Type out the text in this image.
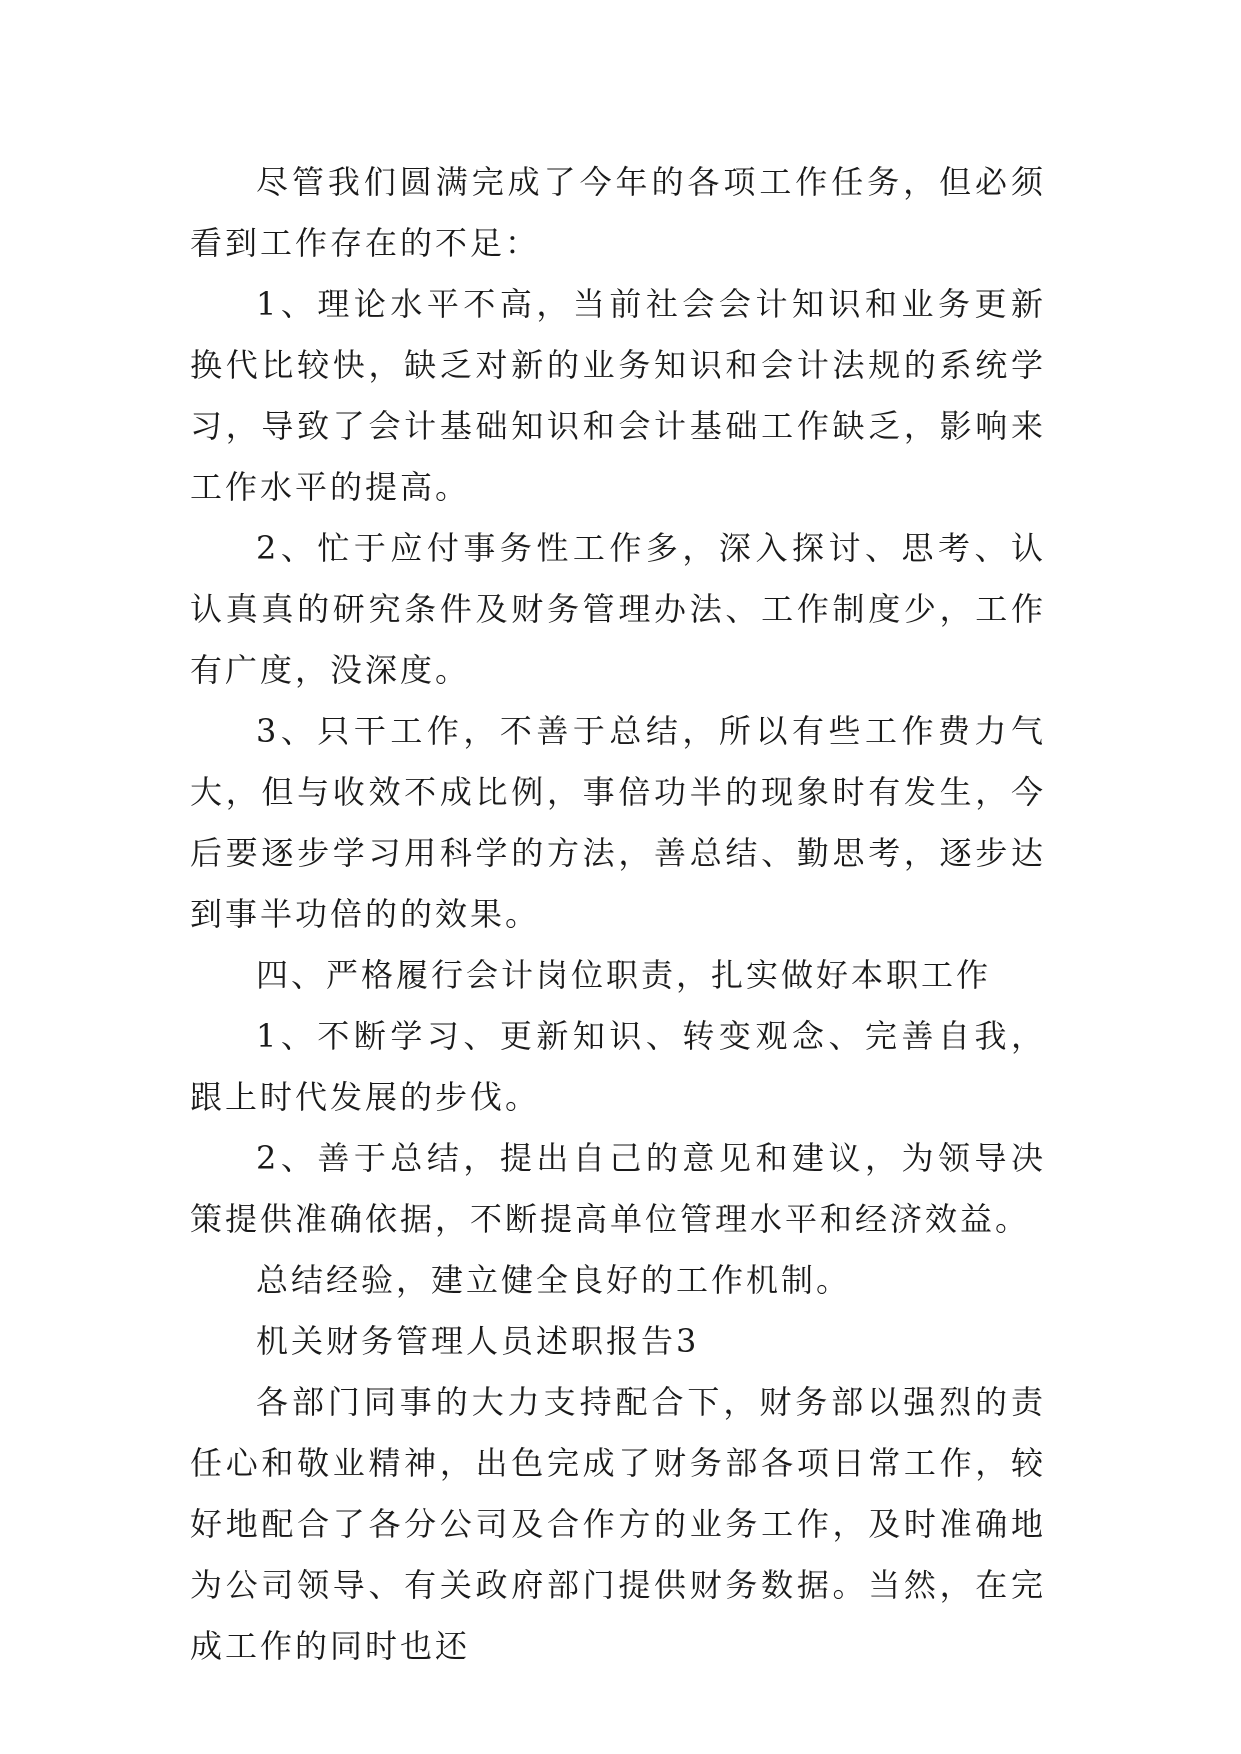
尽管我们圆满完成了今年的各项工作任务，但必须看到工作存在的不足：

1、理论水平不高，当前社会会计知识和业务更新换代比较快，缺乏对新的业务知识和会计法规的系统学习，导致了会计基础知识和会计基础工作缺乏，影响来工作水平的提高。

2、忙于应付事务性工作多，深入探讨、思考、认认真真的研究条件及财务管理办法、工作制度少，工作有广度，没深度。

3、只干工作，不善于总结，所以有些工作费力气大，但与收效不成比例，事倍功半的现象时有发生，今后要逐步学习用科学的方法，善总结、勤思考，逐步达到事半功倍的的效果。

四、严格履行会计岗位职责，扎实做好本职工作

1、不断学习、更新知识、转变观念、完善自我，跟上时代发展的步伐。

2、善于总结，提出自己的意见和建议，为领导决策提供准确依据，不断提高单位管理水平和经济效益。

总结经验，建立健全良好的工作机制。

机关财务管理人员述职报告3

各部门同事的大力支持配合下，财务部以强烈的责任心和敬业精神，出色完成了财务部各项日常工作，较好地配合了各分公司及合作方的业务工作，及时准确地为公司领导、有关政府部门提供财务数据。当然，在完成工作的同时也还
